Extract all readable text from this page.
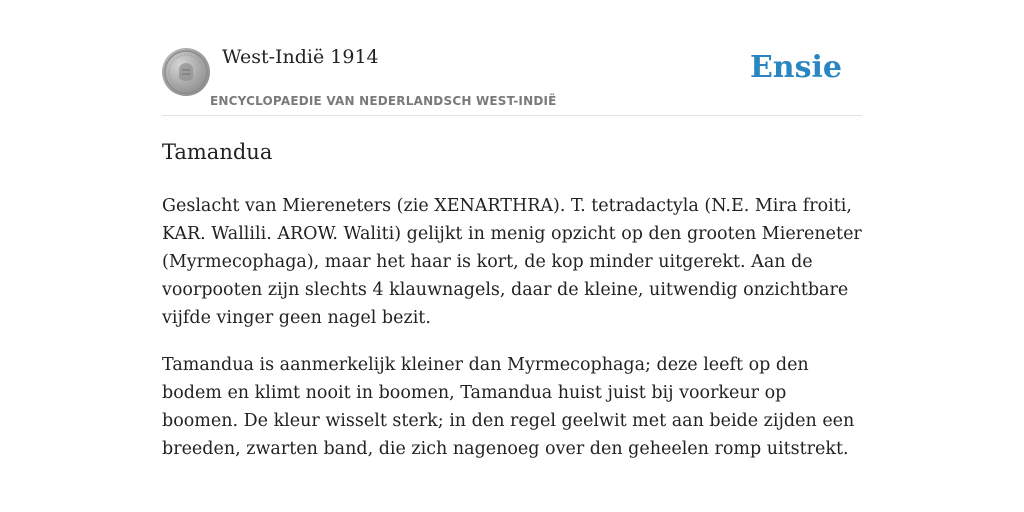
West-Indië 1914
ENCYCLOPAEDIE VAN NEDERLANDSCH WEST-INDIË
Ensie
Tamandua

Geslacht van Miereneters (zie XENARTHRA). T. tetradactyla (N.E. Mira froiti, KAR. Wallili. AROW. Waliti) gelijkt in menig opzicht op den grooten Miereneter (Myrmecophaga), maar het haar is kort, de kop minder uitgerekt. Aan de voorpooten zijn slechts 4 klauwnagels, daar de kleine, uitwendig onzichtbare vijfde vinger geen nagel bezit.

Tamandua is aanmerkelijk kleiner dan Myrmecophaga; deze leeft op den bodem en klimt nooit in boomen, Tamandua huist juist bij voorkeur op boomen. De kleur wisselt sterk; in den regel geelwit met aan beide zijden een breeden, zwarten band, die zich nagenoeg over den geheelen romp uitstrekt.
